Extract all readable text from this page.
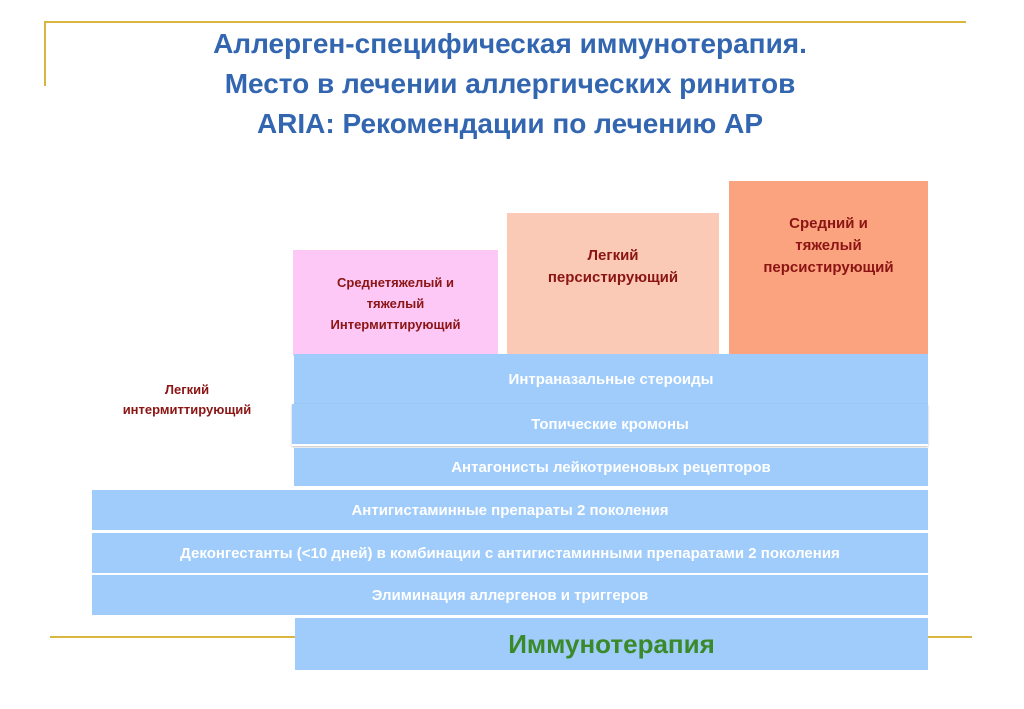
Аллерген-специфическая иммунотерапия.
Место в лечении аллергических ринитов
ARIA: Рекомендации по лечению АР
Легкий
интермиттирующий
Среднетяжелый и
тяжелый
Интермиттирующий
Легкий
персистирующий
Средний и
тяжелый
персистирующий
Интраназальные стероиды
Топические кромоны
Антагонисты лейкотриеновых рецепторов
Антигистаминные препараты 2 поколения
Деконгестанты (<10 дней) в комбинации с антигистаминными препаратами 2 поколения
Элиминация аллергенов и триггеров
Иммунотерапия
